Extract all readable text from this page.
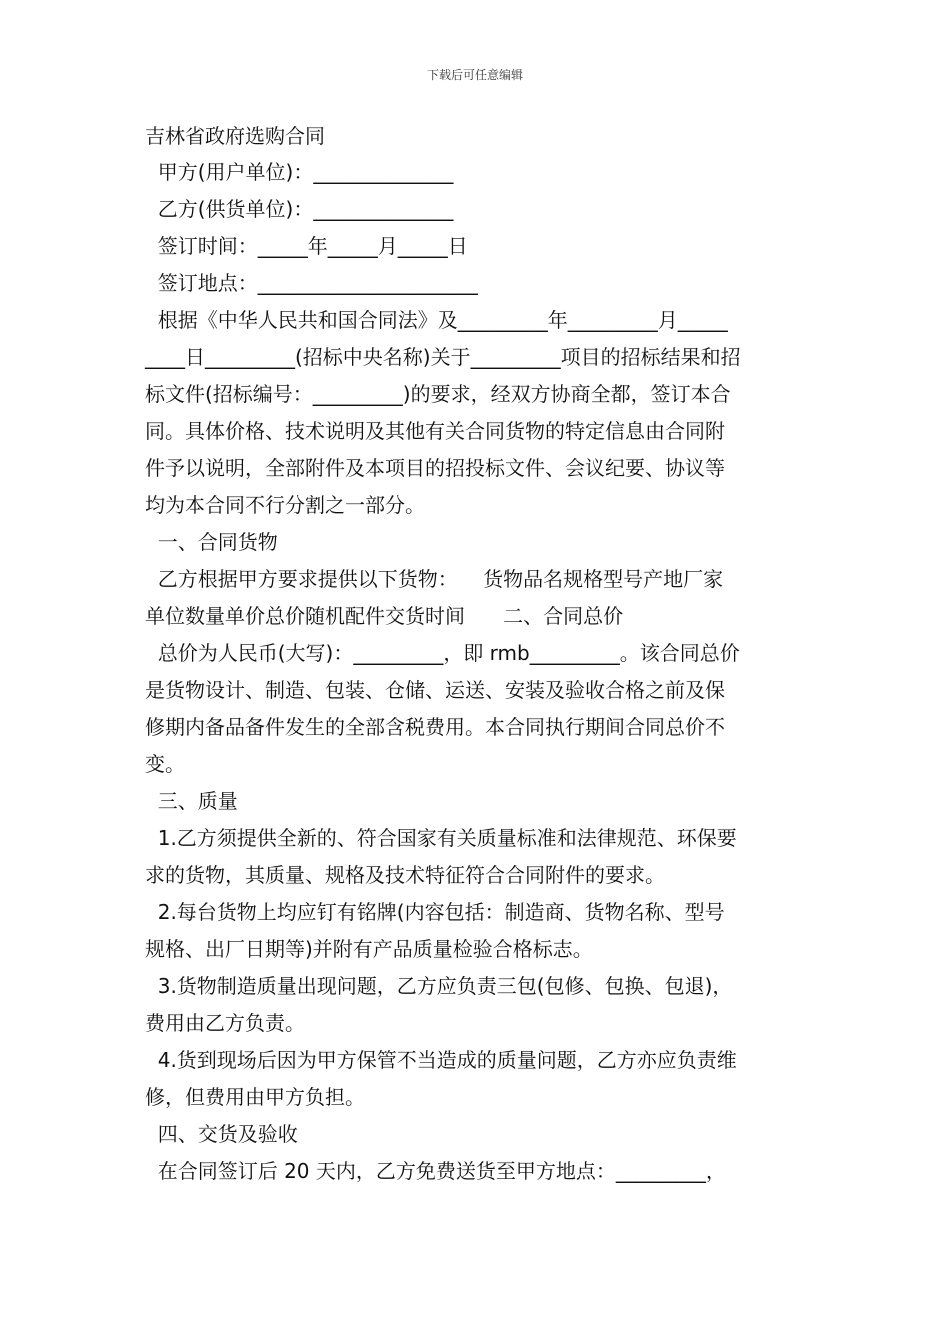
下载后可任意编辑
吉林省政府选购合同
甲方(用户单位)：______________
乙方(供货单位)：______________
签订时间：_____年_____月_____日
签订地点：______________________
根据《中华人民共和国合同法》及_________年_________月_____
____日_________(招标中央名称)关于_________项目的招标结果和招
标文件(招标编号：_________)的要求，经双方协商全都，签订本合
同。具体价格、技术说明及其他有关合同货物的特定信息由合同附
件予以说明，全部附件及本项目的招投标文件、会议纪要、协议等
均为本合同不行分割之一部分。
一、合同货物
乙方根据甲方要求提供以下货物：    货物品名规格型号产地厂家
单位数量单价总价随机配件交货时间      二、合同总价
总价为人民币(大写)：_________，即 rmb_________。该合同总价
是货物设计、制造、包装、仓储、运送、安装及验收合格之前及保
修期内备品备件发生的全部含税费用。本合同执行期间合同总价不
变。
三、质量
1.乙方须提供全新的、符合国家有关质量标准和法律规范、环保要
求的货物，其质量、规格及技术特征符合合同附件的要求。
2.每台货物上均应钉有铭牌(内容包括：制造商、货物名称、型号
规格、出厂日期等)并附有产品质量检验合格标志。
3.货物制造质量出现问题，乙方应负责三包(包修、包换、包退)，
费用由乙方负责。
4.货到现场后因为甲方保管不当造成的质量问题，乙方亦应负责维
修，但费用由甲方负担。
四、交货及验收
在合同签订后 20 天内，乙方免费送货至甲方地点：_________，
